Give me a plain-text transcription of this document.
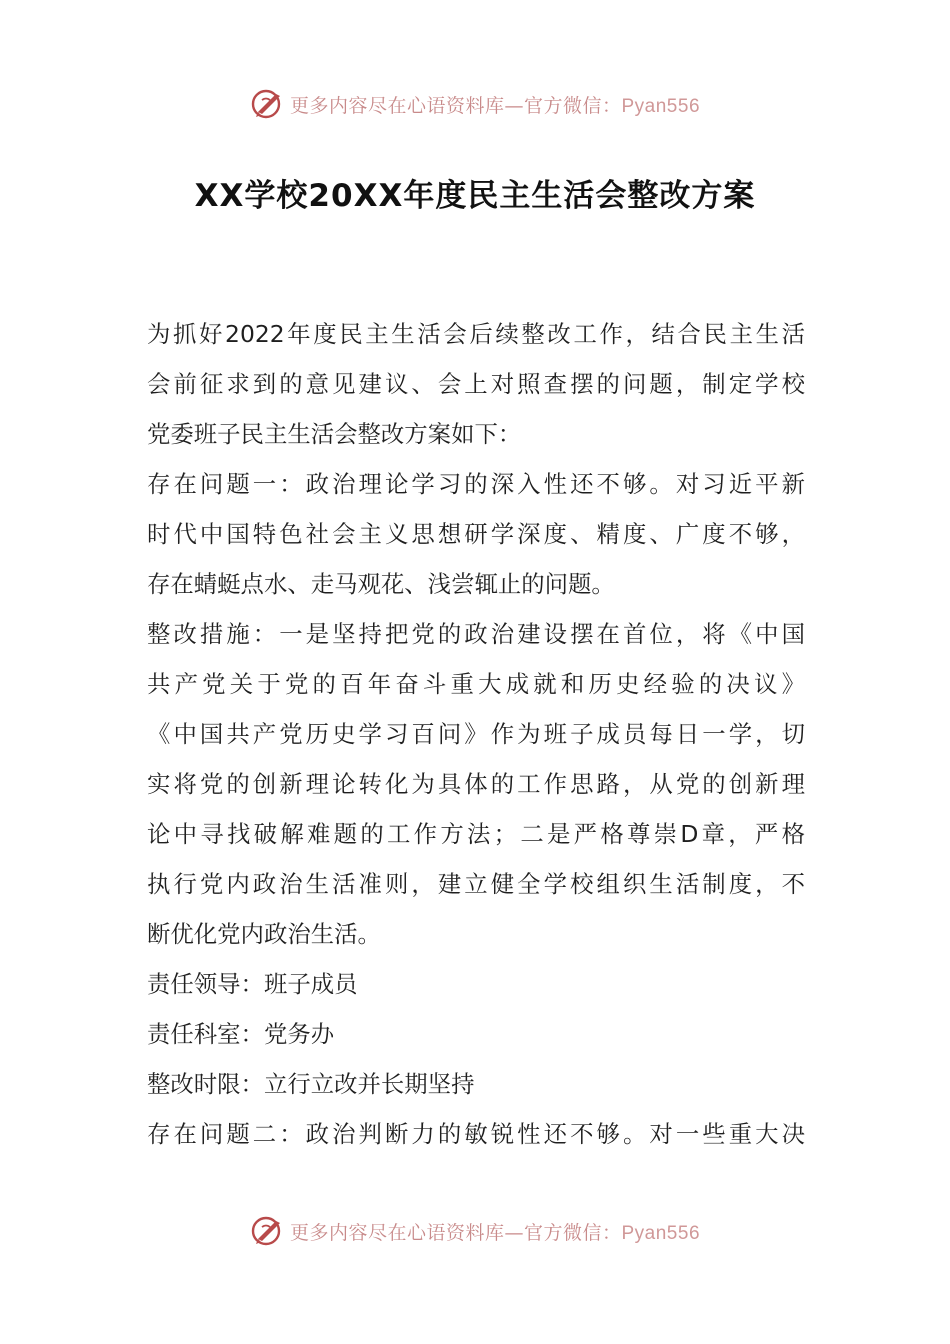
更多内容尽在心语资料库—官方微信：Pyan556
XX学校20XX年度民主生活会整改方案
为抓好2022年度民主生活会后续整改工作，结合民主生活
会前征求到的意见建议、会上对照查摆的问题，制定学校
党委班子民主生活会整改方案如下：
存在问题一：政治理论学习的深入性还不够。对习近平新
时代中国特色社会主义思想研学深度、精度、广度不够，
存在蜻蜓点水、走马观花、浅尝辄止的问题。
整改措施：一是坚持把党的政治建设摆在首位，将《中国
共产党关于党的百年奋斗重大成就和历史经验的决议》
《中国共产党历史学习百问》作为班子成员每日一学，切
实将党的创新理论转化为具体的工作思路，从党的创新理
论中寻找破解难题的工作方法；二是严格尊崇D章，严格
执行党内政治生活准则，建立健全学校组织生活制度，不
断优化党内政治生活。
责任领导：班子成员
责任科室：党务办
整改时限：立行立改并长期坚持
存在问题二：政治判断力的敏锐性还不够。对一些重大决
更多内容尽在心语资料库—官方微信：Pyan556
